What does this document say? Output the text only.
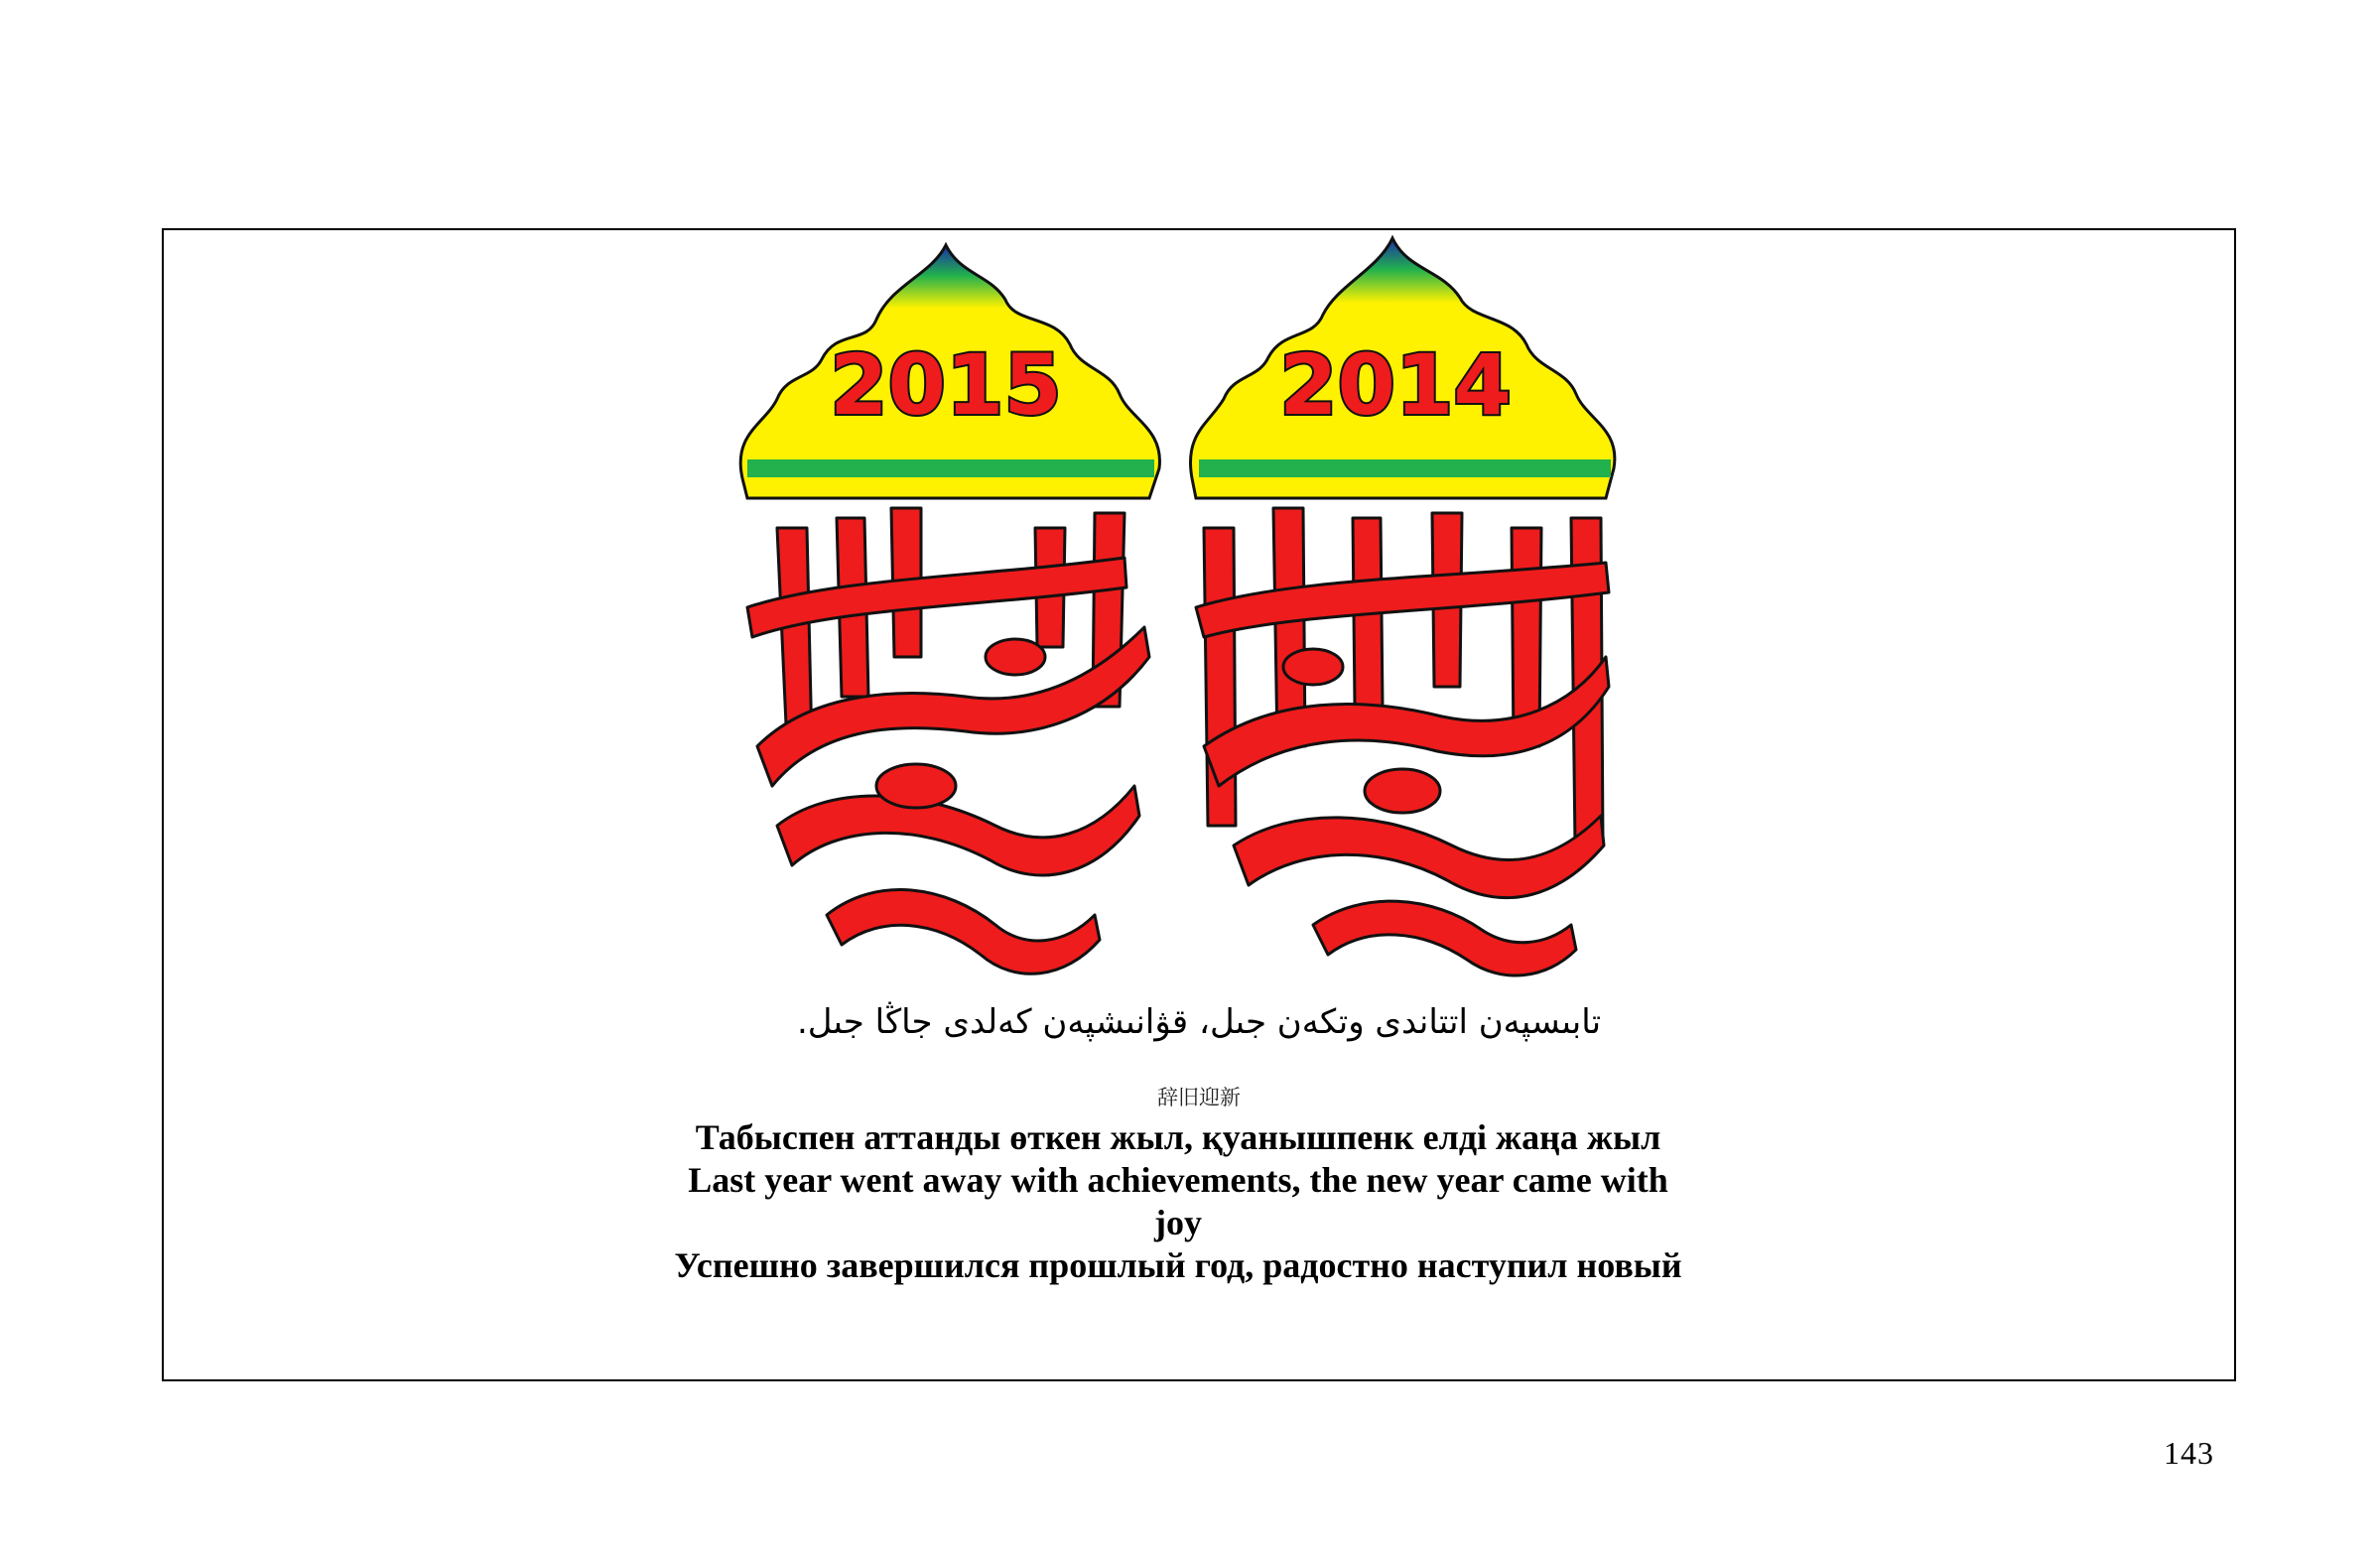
2015	2014
تابىسپەن اتتاندى وتكەن جىل، قۋانىشپەن كەلدى جاڭا جىل.
辞旧迎新

Табыспен аттанды өткен жыл, қуанышпенк елді жаңа жыл

Last year went away with achievements, the new year came with joy

Успешно завершился прошлый год, радостно наступил новый

143
